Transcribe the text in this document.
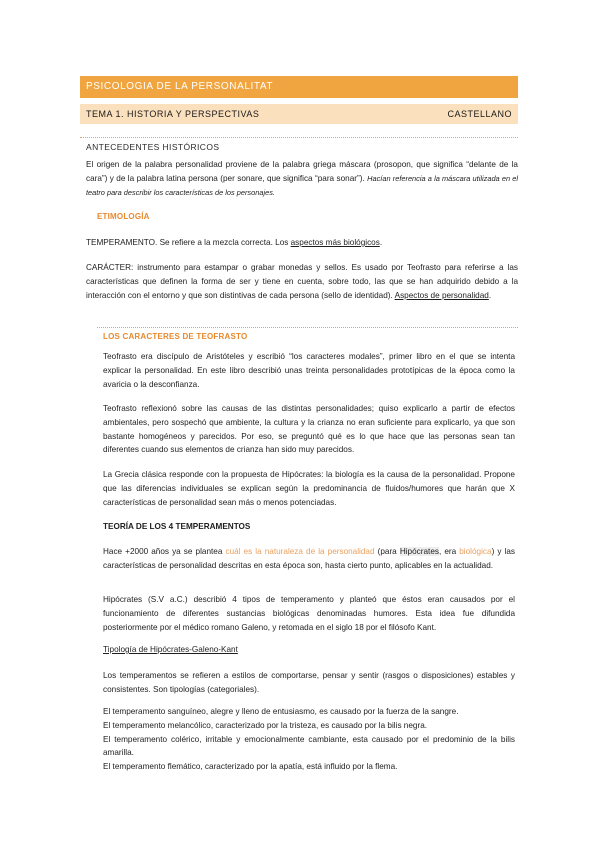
PSICOLOGIA DE LA PERSONALITAT
TEMA 1. HISTORIA Y PERSPECTIVAS	CASTELLANO
ANTECEDENTES HISTÓRICOS

El origen de la palabra personalidad proviene de la palabra griega máscara (prosopon, que significa “delante de la cara”) y de la palabra latina persona (per sonare, que significa “para sonar”). Hacían referencia a la máscara utilizada en el teatro para describir los características de los personajes.

ETIMOLOGÍA

TEMPERAMENTO. Se refiere a la mezcla correcta. Los aspectos más biológicos.

CARÁCTER: instrumento para estampar o grabar monedas y sellos. Es usado por Teofrasto para referirse a las características que definen la forma de ser y tiene en cuenta, sobre todo, las que se han adquirido debido a la interacción con el entorno y que son distintivas de cada persona (sello de identidad). Aspectos de personalidad.

LOS CARACTERES DE TEOFRASTO

Teofrasto era discípulo de Aristóteles y escribió “los caracteres modales”, primer libro en el que se intenta explicar la personalidad. En este libro describió unas treinta personalidades prototípicas de la época como la avaricia o la desconfianza.

Teofrasto reflexionó sobre las causas de las distintas personalidades; quiso explicarlo a partir de efectos ambientales, pero sospechó que ambiente, la cultura y la crianza no eran suficiente para explicarlo, ya que son bastante homogéneos y parecidos. Por eso, se preguntó qué es lo que hace que las personas sean tan diferentes cuando sus elementos de crianza han sido muy parecidos.

La Grecia clásica responde con la propuesta de Hipócrates: la biología es la causa de la personalidad. Propone que las diferencias individuales se explican según la predominancia de fluidos/humores que harán que X características de personalidad sean más o menos potenciadas.

TEORÍA DE LOS 4 TEMPERAMENTOS

Hace +2000 años ya se plantea cuál es la naturaleza de la personalidad (para Hipócrates, era biológica) y las características de personalidad descritas en esta época son, hasta cierto punto, aplicables en la actualidad.

Hipócrates (S.V a.C.) describió 4 tipos de temperamento y planteó que éstos eran causados por el funcionamiento de diferentes sustancias biológicas denominadas humores. Esta idea fue difundida posteriormente por el médico romano Galeno, y retomada en el siglo 18 por el filósofo Kant.

Tipología de Hipócrates-Galeno-Kant

Los temperamentos se refieren a estilos de comportarse, pensar y sentir (rasgos o disposiciones) estables y consistentes. Son tipologías (categoriales).

El temperamento sanguíneo, alegre y lleno de entusiasmo, es causado por la fuerza de la sangre.
El temperamento melancólico, caracterizado por la tristeza, es causado por la bilis negra.
El temperamento colérico, irritable y emocionalmente cambiante, esta causado por el predominio de la bilis amarilla.
El temperamento flemático, caracterizado por la apatía, está influido por la flema.
